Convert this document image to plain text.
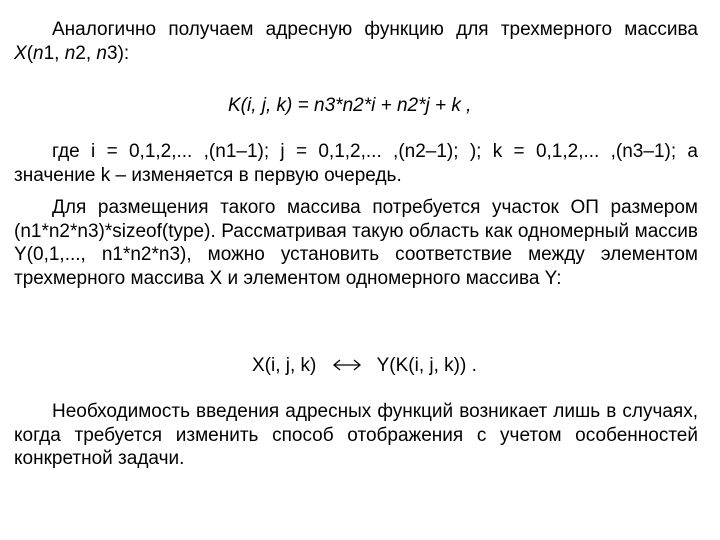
Аналогично получаем адресную функцию для трехмерного массива X(n1, n2, n3):

K(i, j, k) = n3*n2*i + n2*j + k ,

где i = 0,1,2,... ,(n1–1); j = 0,1,2,... ,(n2–1); ); k = 0,1,2,... ,(n3–1); а значение k – изменяется в первую очередь.

Для размещения такого массива потребуется участок ОП размером (n1*n2*n3)*sizeof(type). Рассматривая такую область как одномерный массив Y(0,1,..., n1*n2*n3), можно установить соответствие между элементом трехмерного массива X и элементом одномерного массива Y:

X(i, j, k)	Y(K(i, j, k)) .

Необходимость введения адресных функций возникает лишь в случаях, когда требуется изменить способ отображения с учетом особенностей конкретной задачи.
